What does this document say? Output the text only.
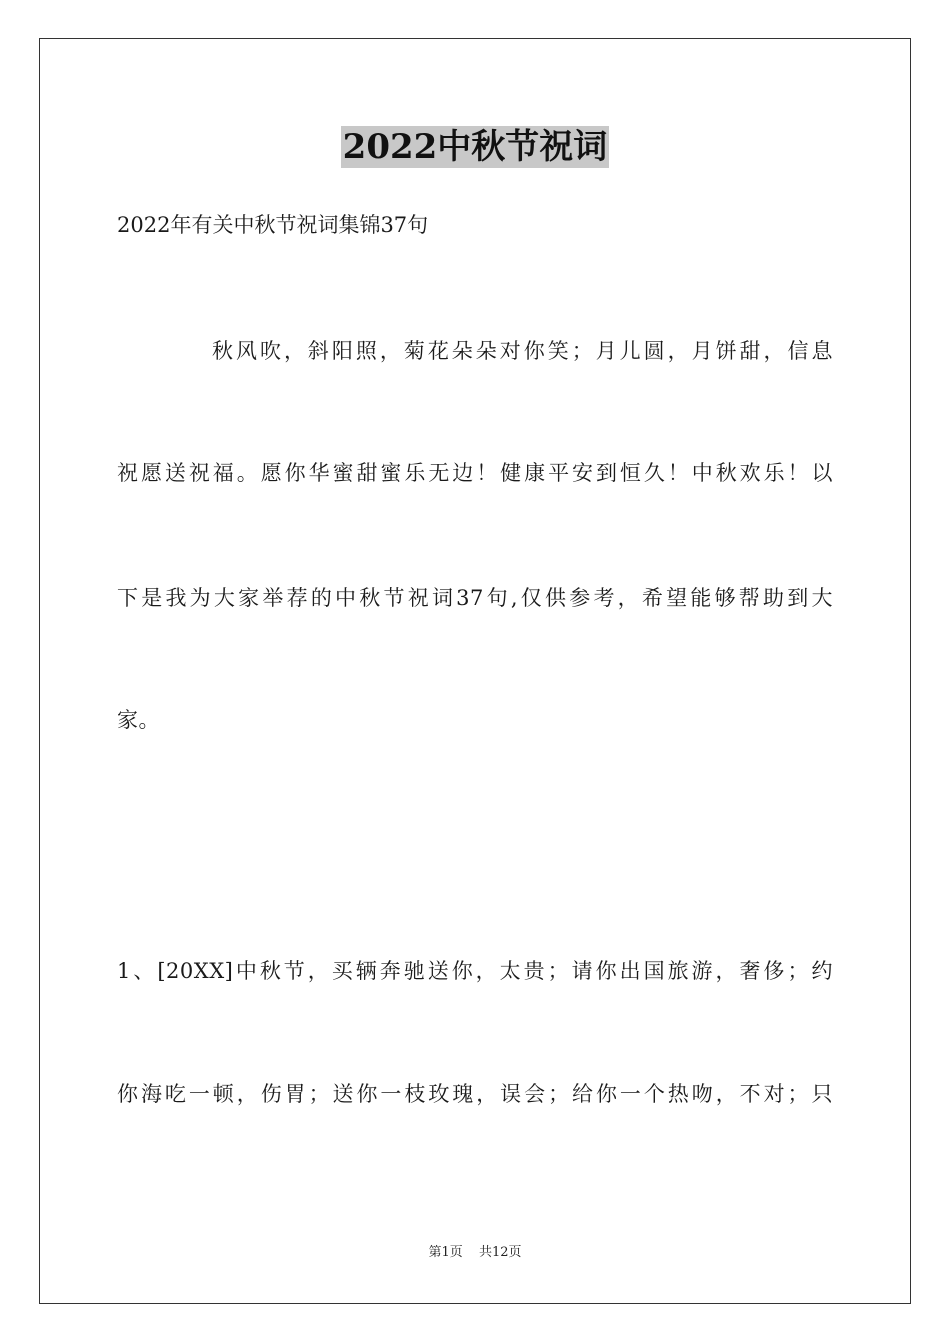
2022中秋节祝词
2022年有关中秋节祝词集锦37句
秋风吹，斜阳照，菊花朵朵对你笑；月儿圆，月饼甜，信息
祝愿送祝福。愿你华蜜甜蜜乐无边！健康平安到恒久！中秋欢乐！以
下是我为大家举荐的中秋节祝词37句,仅供参考，希望能够帮助到大
家。
1、[20XX]中秋节，买辆奔驰送你，太贵；请你出国旅游，奢侈；约
你海吃一顿，伤胃；送你一枝玫瑰，误会；给你一个热吻，不对；只
第1页 共12页
